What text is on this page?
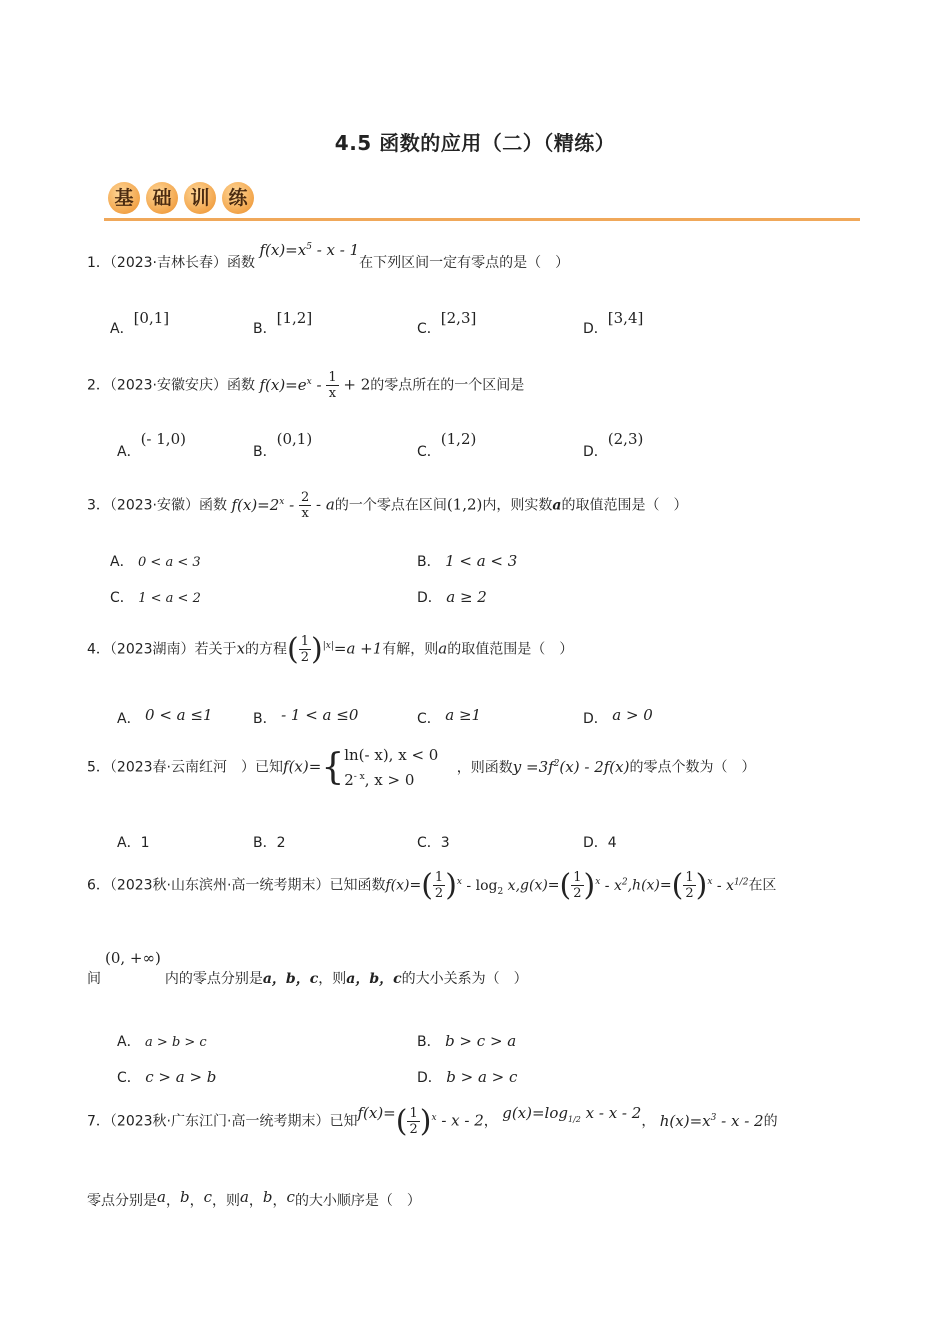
4.5 函数的应用（二）（精练）
基 础 训 练
1．（2023·吉林长春）函数 $f(x)=x^5 - x - 1$在下列区间一定有零点的是（　）
A．[0,1]
B．[1,2]
C．[2,3]
D．[3,4]
2．（2023·安徽安庆）函数 $f(x)=e^x - \frac{1}{x} + 2$的零点所在的一个区间是
A．(- 1,0)
B．(0,1)
C．(1,2)
D．(2,3)
3．（2023·安徽）函数 $f(x)=2^x - \frac{2}{x} - a$的一个零点在区间(1,2)内，则实数a的取值范围是（　）
A． 0 < a < 3	B． 1 < a < 3
C． 1 < a < 2	D． a ≥ 2
4．（2023湖南）若关于x的方程( $\frac{1}{2} )^{|x|}=a +1$有解，则a的取值范围是（　）
A． 0 < a ≤1	B． - 1 < a ≤0	C． a ≥1	D． a > 0
5．（2023春·云南红河　）已知f(x)={ ln(- x), x < 0
$2^{- x}$, x > 0
，则函数$y =3f^2(x) - 2f(x)$的零点个数为（　）
A．1	B．2	C．3	D．4
6．（2023秋·山东滨州·高一统考期末）已知函数$f(x)=( \frac{1}{2} )^x - \log_2 x,g(x)=( \frac{1}{2} )^x - x^2,h(x)=( \frac{1}{2} )^x - x^{1/2}$在区
间(0, +∞)内的零点分别是a，b，c，则a，b，c的大小关系为（　）
A． a > b > c	B． b > c > a
C． c > a > b	D． b > a > c
7．（2023秋·广东江门·高一统考期末）已知$f(x)=( \frac{1}{2} )^x - x - 2$， $g(x)=\log_{1/2}$ x - x - 2， $h(x)=x^3 - x - 2$的
零点分别是a，b，c，则a，b，c的大小顺序是（　）
